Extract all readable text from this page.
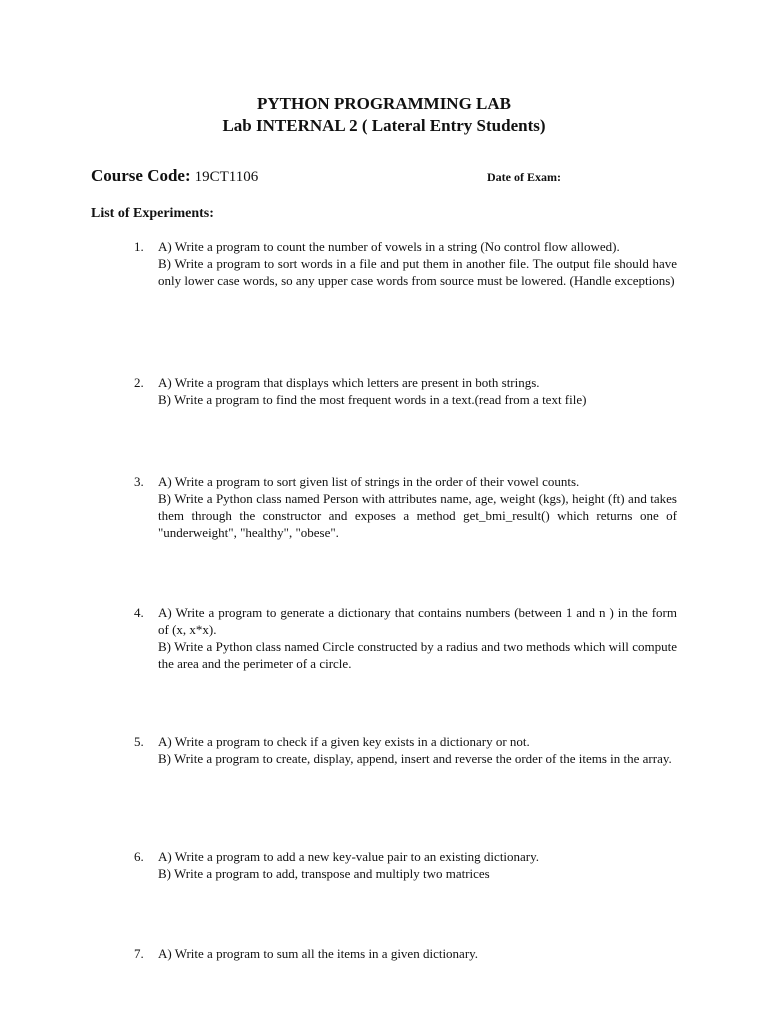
PYTHON PROGRAMMING LAB
Lab INTERNAL 2 ( Lateral Entry Students)
Course Code: 19CT1106	Date of Exam:
List of Experiments:
1.	A) Write a program to count the number of vowels in a string (No control flow allowed).

B) Write a program to sort words in a file and put them in another file. The output file should have only lower case words, so any upper case words from source must be lowered. (Handle exceptions)

2.	A) Write a program that displays which letters are present in both strings.

B) Write a program to find the most frequent words in a text.(read from a text file)

3.	A) Write a program to sort given list of strings in the order of their vowel counts.

B) Write a Python class named Person with attributes name, age, weight (kgs), height (ft) and takes them through the constructor and exposes a method get_bmi_result() which returns one of "underweight", "healthy", "obese".

4.	A) Write a program to generate a dictionary that contains numbers (between 1 and n ) in the form of (x, x*x).

B) Write a Python class named Circle constructed by a radius and two methods which will compute the area and the perimeter of a circle.

5.	A) Write a program to check if a given key exists in a dictionary or not.

B) Write a program to create, display, append, insert and reverse the order of the items in the array.

6.	A) Write a program to add a new key-value pair to an existing dictionary.

B) Write a program to add, transpose and multiply two matrices

7.	A) Write a program to sum all the items in a given dictionary.
